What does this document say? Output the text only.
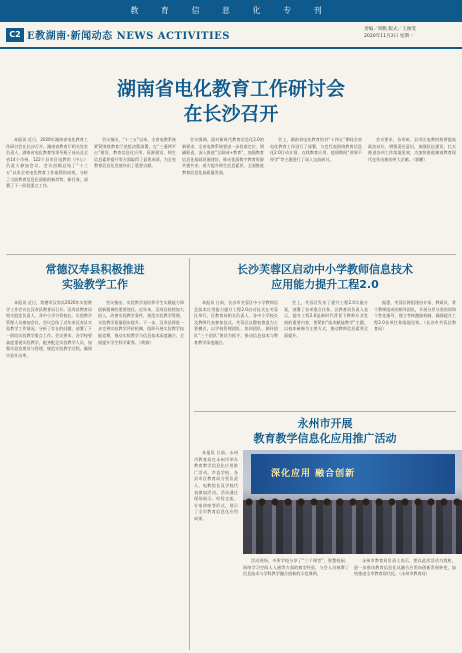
教 育 信 息 化 专 刊
C2 E教湖南·新闻动态 NEWS ACTIVITIES
责编／周帆 版式／王俊雯
2020年11月2日 星期一
湖南省电化教育工作研讨会
在长沙召开

本报讯 近日，2020年湖南省电化教育工作研讨会在长沙召开。湖南省教育厅相关处室负责人、湖南省电化教育馆领导班子成员及全省14个市州、122个县市区电教馆（中心）负责人参加会议。会议回顾总结了“十三五”以来全省电化教育工作取得的成效，分析了当前教育信息化面临的新形势、新任务，部署了下一阶段重点工作。

会议指出，“十三五”以来，全省电教系统紧紧围绕教育厅党组决策部署，在“三通两平台”建设、教育信息化应用、资源建设、师生信息素养提升等方面取得了显著成绩，为全省教育信息化发展作出了重要贡献。

会议强调，面对新时代教育信息化2.0的新要求，全省电教系统要进一步找准定位、明确职责，深入推进“互联网+教育”，加强教育信息化基础设施建设，推动优质数字教育资源共建共享，着力提升师生信息素养，全面推进教育信息化高质量发展。

会上，湖南省电化教育馆对“十四五”期间全省电化教育工作进行了部署，与会代表围绕教育信息化2.0行动计划、在线教育应用、疫情期间“停课不停学”等主题进行了深入交流研讨。

会议要求，各市州、县市区电教机构要提高政治站位，增强责任意识，加强队伍建设，扎实推进各项工作落地见效，为加快推进湖南教育现代化作出新的更大贡献。（郭鹏）

常德汉寿县积极推进
实验教学工作

本报讯 近日，常德市汉寿县2020年实验教学工作会议在汉寿县教育局召开。汉寿县教育局相关股室负责人、各中小学分管校长、实验教学管理人员参加会议。会议总结了近年来汉寿县实验教学工作情况，分析了存在的问题，部署了下一阶段实验教学重点工作。会议要求，各学校要高度重视实验教学，配齐配足实验教学人员，加强实验室建设与管理，规范实验教学过程，确保实验开出率。

会议指出，实验教学是培养学生实践能力和创新精神的重要途径。近年来，汉寿县持续加大投入，改善实验教学条件，规范实验教学管理，实验教学质量稳步提升。下一步，汉寿县将进一步完善实验教学评价机制，组织开展实验教学技能竞赛，推动实验教学与信息技术深度融合，全面提升学生科学素养。（黄娟）

长沙芙蓉区启动中小学教师信息技术
应用能力提升工程2.0

本报讯 日前，长沙市芙蓉区中小学教师信息技术应用能力提升工程2.0启动仪式在芙蓉区举行。区教育局相关负责人、各中小学校长及教师代表参加仪式。芙蓉区以整校推进为主要模式，以学校管理团队、培训团队、测评团队“三个团队”建设为抓手，推动信息技术与教育教学深度融合。

会上，芙蓉区发布了提升工程2.0实施方案，部署了各项重点任务。区教育局负责人表示，提升工程2.0是新时代背景下教师专业发展的重要内容，要紧扣“技术赋能教学”主题，以校本研修为主要方式，推动教师信息素养全面提升。

据悉，芙蓉区将组建由专家、教研员、骨干教师组成的指导团队，开展分层分类培训和个性化指导，建立考核激励机制，确保提升工程2.0各项任务落地见效。（长沙市芙蓉区教育局）

永州市开展
教育教学信息化应用推广活动

本报讯 日前，永州市教育局在永州市举办教育教学信息化应用推广活动。市直学校、各县市区教育局分管负责人、电教馆长及学校代表参加活动。活动通过现场展示、经验交流、专家讲座等形式，展示了全市教育信息化应用成果。

深化应用 融合创新

活动现场，多所学校分享了“三个课堂”、智慧校园、网络学习空间人人通等方面的典型经验，与会人员观摩了信息技术与学科教学融合创新的示范课例。

永州市教育局负责人表示，要以此次活动为契机，进一步推动教育信息化从融合应用向创新发展转变，加快推进全市教育现代化。（永州市教育局）
